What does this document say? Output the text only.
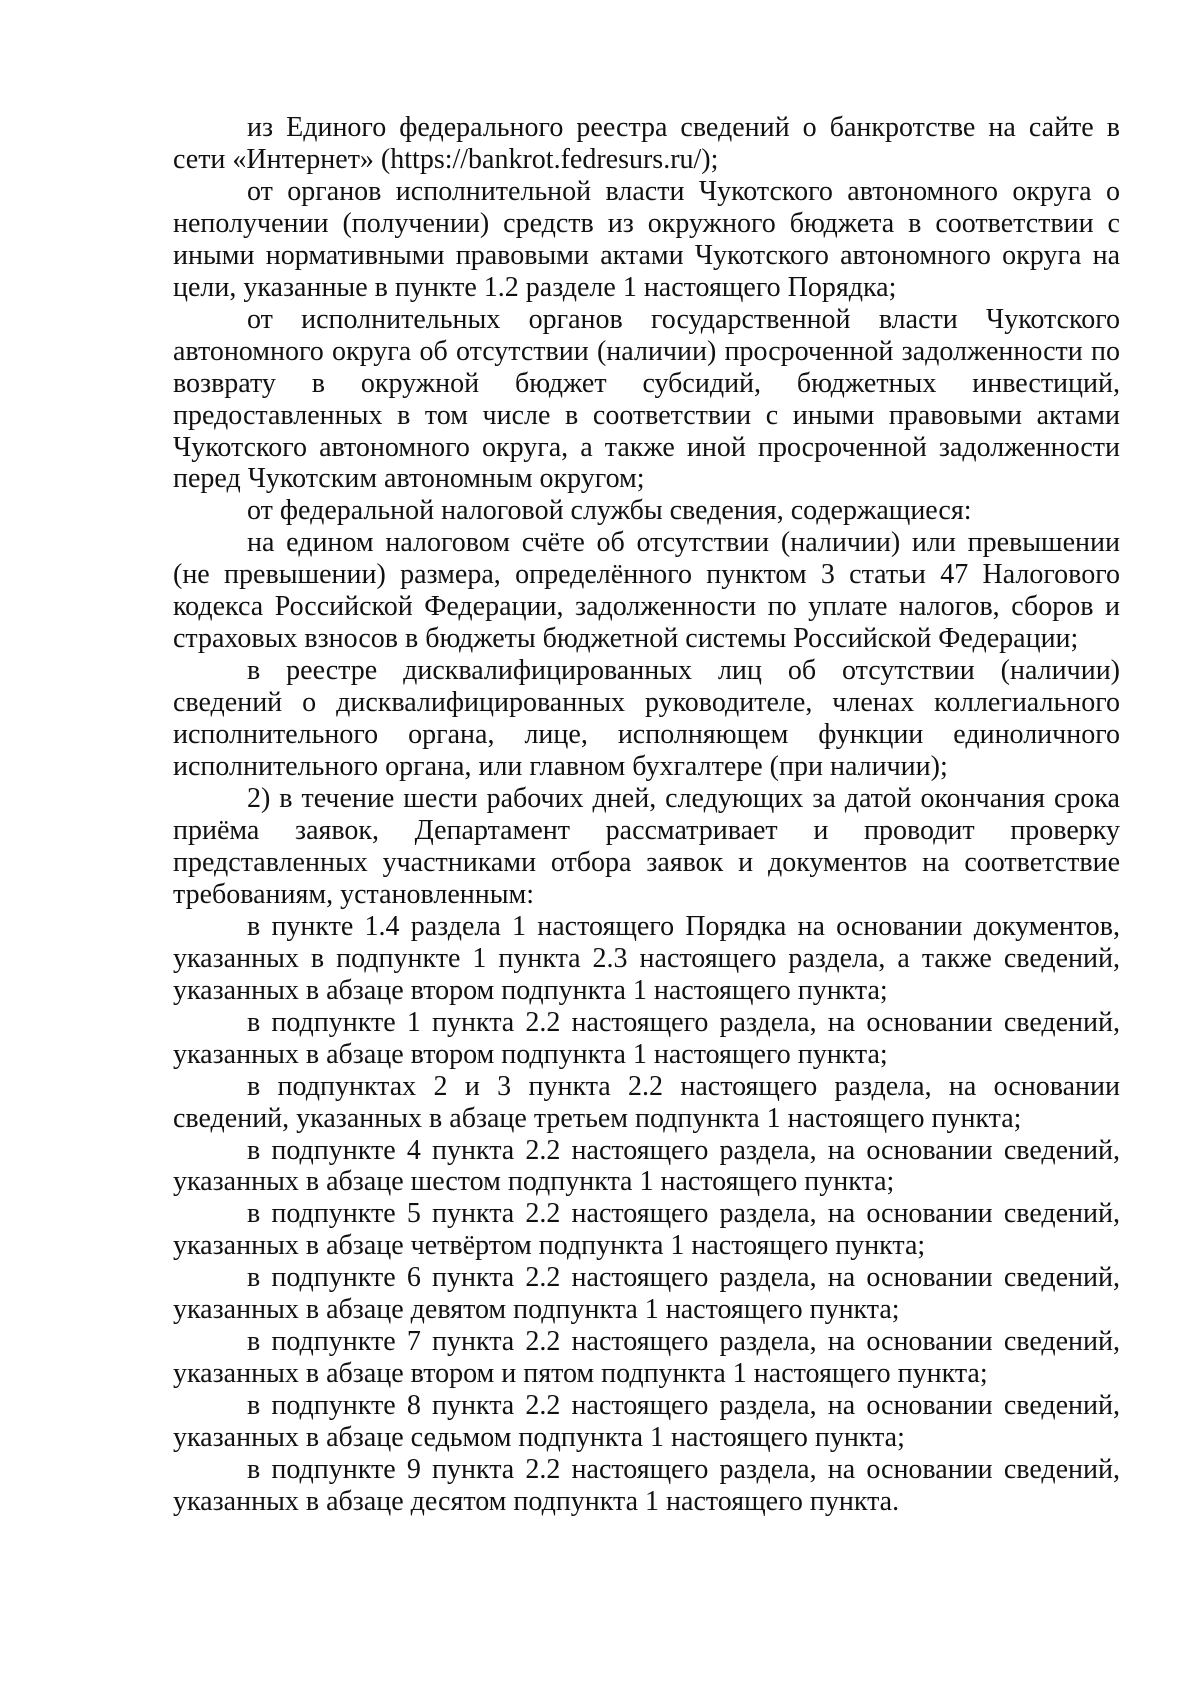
из Единого федерального реестра сведений о банкротстве на сайте в сети «Интернет» (https://bankrot.fedresurs.ru/);

от органов исполнительной власти Чукотского автономного округа о неполучении (получении) средств из окружного бюджета в соответствии с иными нормативными правовыми актами Чукотского автономного округа на цели, указанные в пункте 1.2 разделе 1 настоящего Порядка;

от исполнительных органов государственной власти Чукотского автономного округа об отсутствии (наличии) просроченной задолженности по возврату в окружной бюджет субсидий, бюджетных инвестиций, предоставленных в том числе в соответствии с иными правовыми актами Чукотского автономного округа, а также иной просроченной задолженности перед Чукотским автономным округом;

от федеральной налоговой службы сведения, содержащиеся:

на едином налоговом счёте об отсутствии (наличии) или превышении (не превышении) размера, определённого пунктом 3 статьи 47 Налогового кодекса Российской Федерации, задолженности по уплате налогов, сборов и страховых взносов в бюджеты бюджетной системы Российской Федерации;

в реестре дисквалифицированных лиц об отсутствии (наличии) сведений о дисквалифицированных руководителе, членах коллегиального исполнительного органа, лице, исполняющем функции единоличного исполнительного органа, или главном бухгалтере (при наличии);

2) в течение шести рабочих дней, следующих за датой окончания срока приёма заявок, Департамент рассматривает и проводит проверку представленных участниками отбора заявок и документов на соответствие требованиям, установленным:

в пункте 1.4 раздела 1 настоящего Порядка на основании документов, указанных в подпункте 1 пункта 2.3 настоящего раздела, а также сведений, указанных в абзаце втором подпункта 1 настоящего пункта;

в подпункте 1 пункта 2.2 настоящего раздела, на основании сведений, указанных в абзаце втором подпункта 1 настоящего пункта;

в подпунктах 2 и 3 пункта 2.2 настоящего раздела, на основании сведений, указанных в абзаце третьем подпункта 1 настоящего пункта;

в подпункте 4 пункта 2.2 настоящего раздела, на основании сведений, указанных в абзаце шестом подпункта 1 настоящего пункта;

в подпункте 5 пункта 2.2 настоящего раздела, на основании сведений, указанных в абзаце четвёртом подпункта 1 настоящего пункта;

в подпункте 6 пункта 2.2 настоящего раздела, на основании сведений, указанных в абзаце девятом подпункта 1 настоящего пункта;

в подпункте 7 пункта 2.2 настоящего раздела, на основании сведений, указанных в абзаце втором и пятом подпункта 1 настоящего пункта;

в подпункте 8 пункта 2.2 настоящего раздела, на основании сведений, указанных в абзаце седьмом подпункта 1 настоящего пункта;

в подпункте 9 пункта 2.2 настоящего раздела, на основании сведений, указанных в абзаце десятом подпункта 1 настоящего пункта.
